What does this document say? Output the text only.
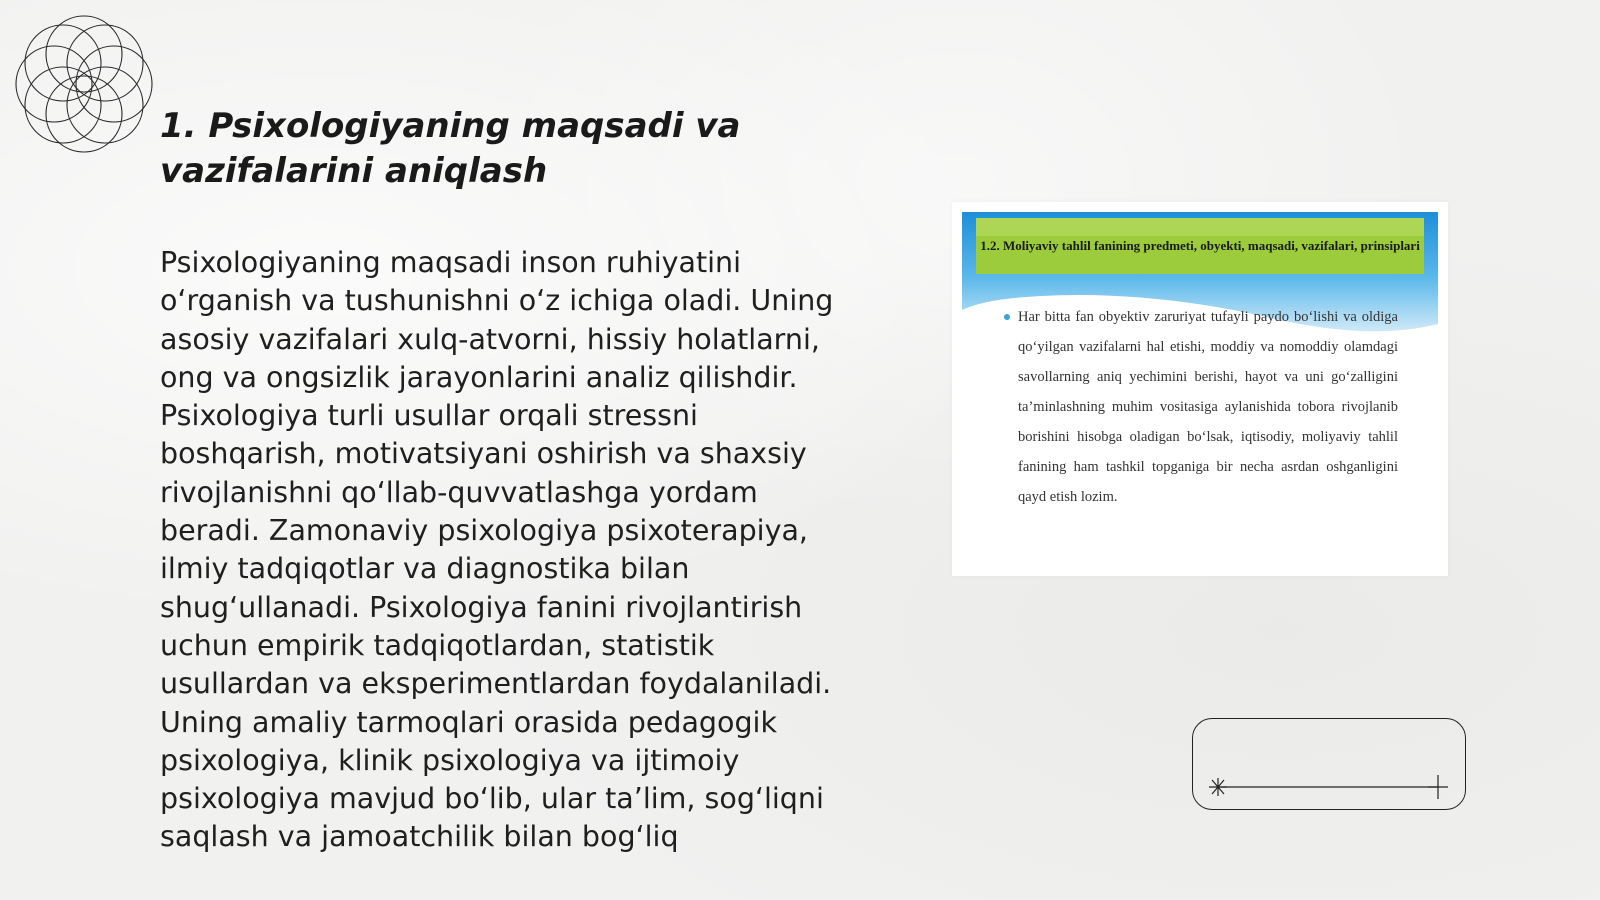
1. Psixologiyaning maqsadi va vazifalarini aniqlash

Psixologiyaning maqsadi inson ruhiyatini o‘rganish va tushunishni o‘z ichiga oladi. Uning asosiy vazifalari xulq-atvorni, hissiy holatlarni, ong va ongsizlik jarayonlarini analiz qilishdir. Psixologiya turli usullar orqali stressni boshqarish, motivatsiyani oshirish va shaxsiy rivojlanishni qo‘llab-quvvatlashga yordam beradi. Zamonaviy psixologiya psixoterapiya, ilmiy tadqiqotlar va diagnostika bilan shug‘ullanadi. Psixologiya fanini rivojlantirish uchun empirik tadqiqotlardan, statistik usullardan va eksperimentlardan foydalaniladi. Uning amaliy tarmoqlari orasida pedagogik psixologiya, klinik psixologiya va ijtimoiy psixologiya mavjud bo‘lib, ular ta’lim, sog‘liqni saqlash va jamoatchilik bilan bog‘liq

1.2. Moliyaviy tahlil fanining predmeti, obyekti, maqsadi, vazifalari, prinsiplari
Har bitta fan obyektiv zaruriyat tufayli paydo bo‘lishi va oldiga qo‘yilgan vazifalarni hal etishi, moddiy va nomoddiy olamdagi savollarning aniq yechimini berishi, hayot va uni go‘zalligini ta’minlashning muhim vositasiga aylanishida tobora rivojlanib borishini hisobga oladigan bo‘lsak, iqtisodiy, moliyaviy tahlil fanining ham tashkil topganiga bir necha asrdan oshganligini qayd etish lozim.
